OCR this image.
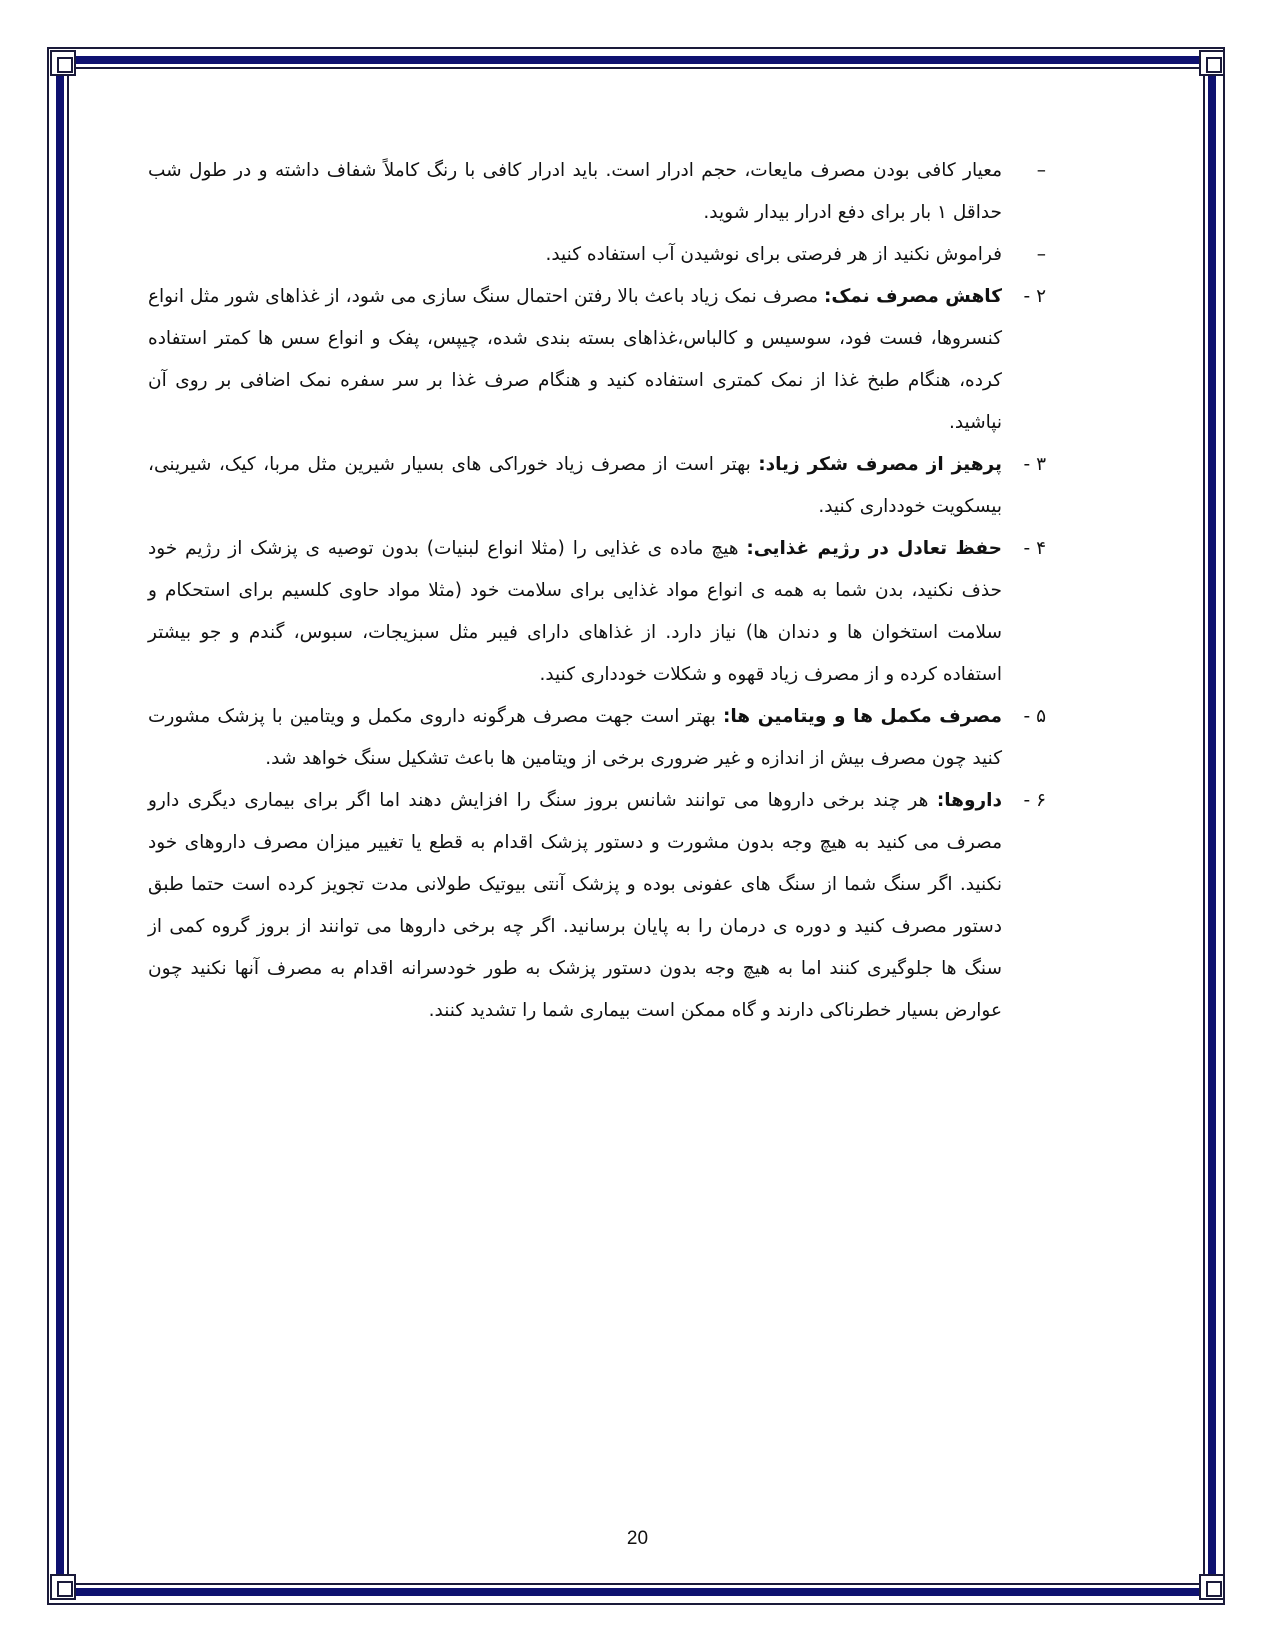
–
معیار کافی بودن مصرف مایعات، حجم ادرار است. باید ادرار کافی با رنگ کاملاً شفاف داشته و در طول شب حداقل ۱ بار برای دفع ادرار بیدار شوید.

–
فراموش نکنید از هر فرصتی برای نوشیدن آب استفاده کنید.

۲ -
کاهش مصرف نمک: مصرف نمک زیاد باعث بالا رفتن احتمال سنگ سازی می شود، از غذاهای شور مثل انواع کنسروها، فست فود، سوسیس و کالباس،غذاهای بسته بندی شده، چیپس، پفک و انواع سس ها کمتر استفاده کرده، هنگام طبخ غذا از نمک کمتری استفاده کنید و هنگام صرف غذا بر سر سفره نمک اضافی بر روی آن نپاشید.

۳ -
پرهیز از مصرف شکر زیاد: بهتر است از مصرف زیاد خوراکی های بسیار شیرین مثل مربا، کیک، شیرینی، بیسکویت خودداری کنید.

۴ -
حفظ تعادل در رژیم غذایی: هیچ ماده ی غذایی را (مثلا انواع لبنیات) بدون توصیه ی پزشک از رژیم خود حذف نکنید، بدن شما به همه ی انواع مواد غذایی برای سلامت خود (مثلا مواد حاوی کلسیم برای استحکام و سلامت استخوان ها و دندان ها) نیاز دارد. از غذاهای دارای فیبر مثل سبزیجات، سبوس، گندم و جو بیشتر استفاده کرده و از مصرف زیاد قهوه و شکلات خودداری کنید.

۵ -
مصرف مکمل ها و ویتامین ها: بهتر است جهت مصرف هرگونه داروی مکمل و ویتامین با پزشک مشورت کنید چون مصرف بیش از اندازه و غیر ضروری برخی از ویتامین ها باعث تشکیل سنگ خواهد شد.

۶ -
داروها: هر چند برخی داروها می توانند شانس بروز سنگ را افزایش دهند اما اگر برای بیماری دیگری دارو مصرف می کنید به هیچ وجه بدون مشورت و دستور پزشک اقدام به قطع یا تغییر میزان مصرف داروهای خود نکنید. اگر سنگ شما از سنگ های عفونی بوده و پزشک آنتی بیوتیک طولانی مدت تجویز کرده است حتما طبق دستور مصرف کنید و دوره ی درمان را به پایان برسانید. اگر چه برخی داروها می توانند از بروز گروه کمی از سنگ ها جلوگیری کنند اما به هیچ وجه بدون دستور پزشک به طور خودسرانه اقدام به مصرف آنها نکنید چون عوارض بسیار خطرناکی دارند و گاه ممکن است بیماری شما را تشدید کنند.

20
